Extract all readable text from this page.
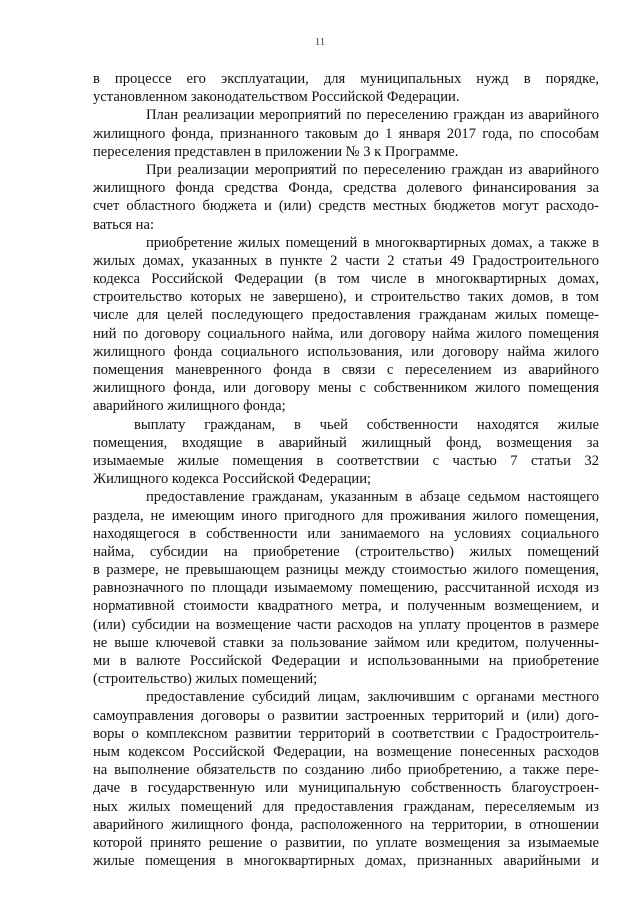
11
в процессе его эксплуатации, для муниципальных нужд в порядке,
установленном законодательством Российской Федерации.
План реализации мероприятий по переселению граждан из аварийного
жилищного фонда, признанного таковым до 1 января 2017 года, по способам
переселения представлен в приложении № 3 к Программе.
При реализации мероприятий по переселению граждан из аварийного
жилищного фонда средства Фонда, средства долевого финансирования за
счет областного бюджета и (или) средств местных бюджетов могут расходо-
ваться на:
приобретение жилых помещений в многоквартирных домах, а также в
жилых домах, указанных в пункте 2 части 2 статьи 49 Градостроительного
кодекса Российской Федерации (в том числе в многоквартирных домах,
строительство которых не завершено), и строительство таких домов, в том
числе для целей последующего предоставления гражданам жилых помеще-
ний по договору социального найма, или договору найма жилого помещения
жилищного фонда социального использования, или договору найма жилого
помещения маневренного фонда в связи с переселением из аварийного
жилищного фонда, или договору мены с собственником жилого помещения
аварийного жилищного фонда;
выплату гражданам, в чьей собственности находятся жилые
помещения, входящие в аварийный жилищный фонд, возмещения за
изымаемые жилые помещения в соответствии с частью 7 статьи 32
Жилищного кодекса Российской Федерации;
предоставление гражданам, указанным в абзаце седьмом настоящего
раздела, не имеющим иного пригодного для проживания жилого помещения,
находящегося в собственности или занимаемого на условиях социального
найма, субсидии на приобретение (строительство) жилых помещений
в размере, не превышающем разницы между стоимостью жилого помещения,
равнозначного по площади изымаемому помещению, рассчитанной исходя из
нормативной стоимости квадратного метра, и полученным возмещением, и
(или) субсидии на возмещение части расходов на уплату процентов в размере
не выше ключевой ставки за пользование займом или кредитом, полученны-
ми в валюте Российской Федерации и использованными на приобретение
(строительство) жилых помещений;
предоставление субсидий лицам, заключившим с органами местного
самоуправления договоры о развитии застроенных территорий и (или) дого-
воры о комплексном развитии территорий в соответствии с Градостроитель-
ным кодексом Российской Федерации, на возмещение понесенных расходов
на выполнение обязательств по созданию либо приобретению, а также пере-
даче в государственную или муниципальную собственность благоустроен-
ных жилых помещений для предоставления гражданам, переселяемым из
аварийного жилищного фонда, расположенного на территории, в отношении
которой принято решение о развитии, по уплате возмещения за изымаемые
жилые помещения в многоквартирных домах, признанных аварийными и
